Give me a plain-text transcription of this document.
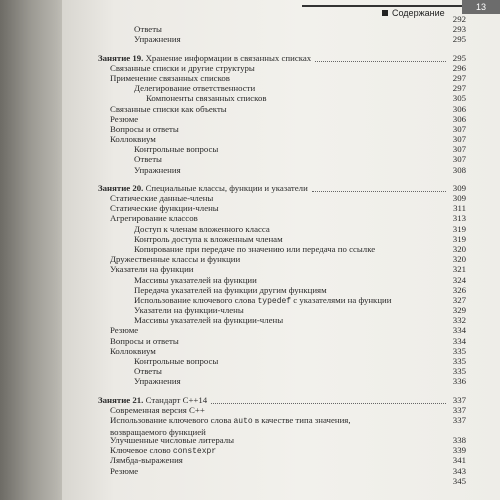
Содержание
13
292
Ответы	293
Упражнения	295
Занятие 19. Хранение информации в связанных списках	295
Связанные списки и другие структуры	296
Применение связанных списков	297
Делегирование ответственности	297
Компоненты связанных списков	305
Связанные списки как объекты	306
Резюме	306
Вопросы и ответы	307
Коллоквиум	307
Контрольные вопросы	307
Ответы	307
Упражнения	308
Занятие 20. Специальные классы, функции и указатели	309
Статические данные-члены	309
Статические функции-члены	311
Агрегирование классов	313
Доступ к членам вложенного класса	319
Контроль доступа к вложенным членам	319
Копирование при передаче по значению или передача по ссылке	320
Дружественные классы и функции	320
Указатели на функции	321
Массивы указателей на функции	324
Передача указателей на функции другим функциям	326
Использование ключевого слова typedef с указателями на функции	327
Указатели на функции-члены	329
Массивы указателей на функции-члены	332
Резюме	334
Вопросы и ответы	334
Коллоквиум	335
Контрольные вопросы	335
Ответы	335
Упражнения	336
Занятие 21. Стандарт C++14	337
Современная версия C++	337
Использование ключевого слова auto в качестве типа значения, возвращаемого функцией
337
Улучшенные числовые литералы	338
Ключевое слово constexpr	339
Лямбда-выражения	341
Резюме	343
345
